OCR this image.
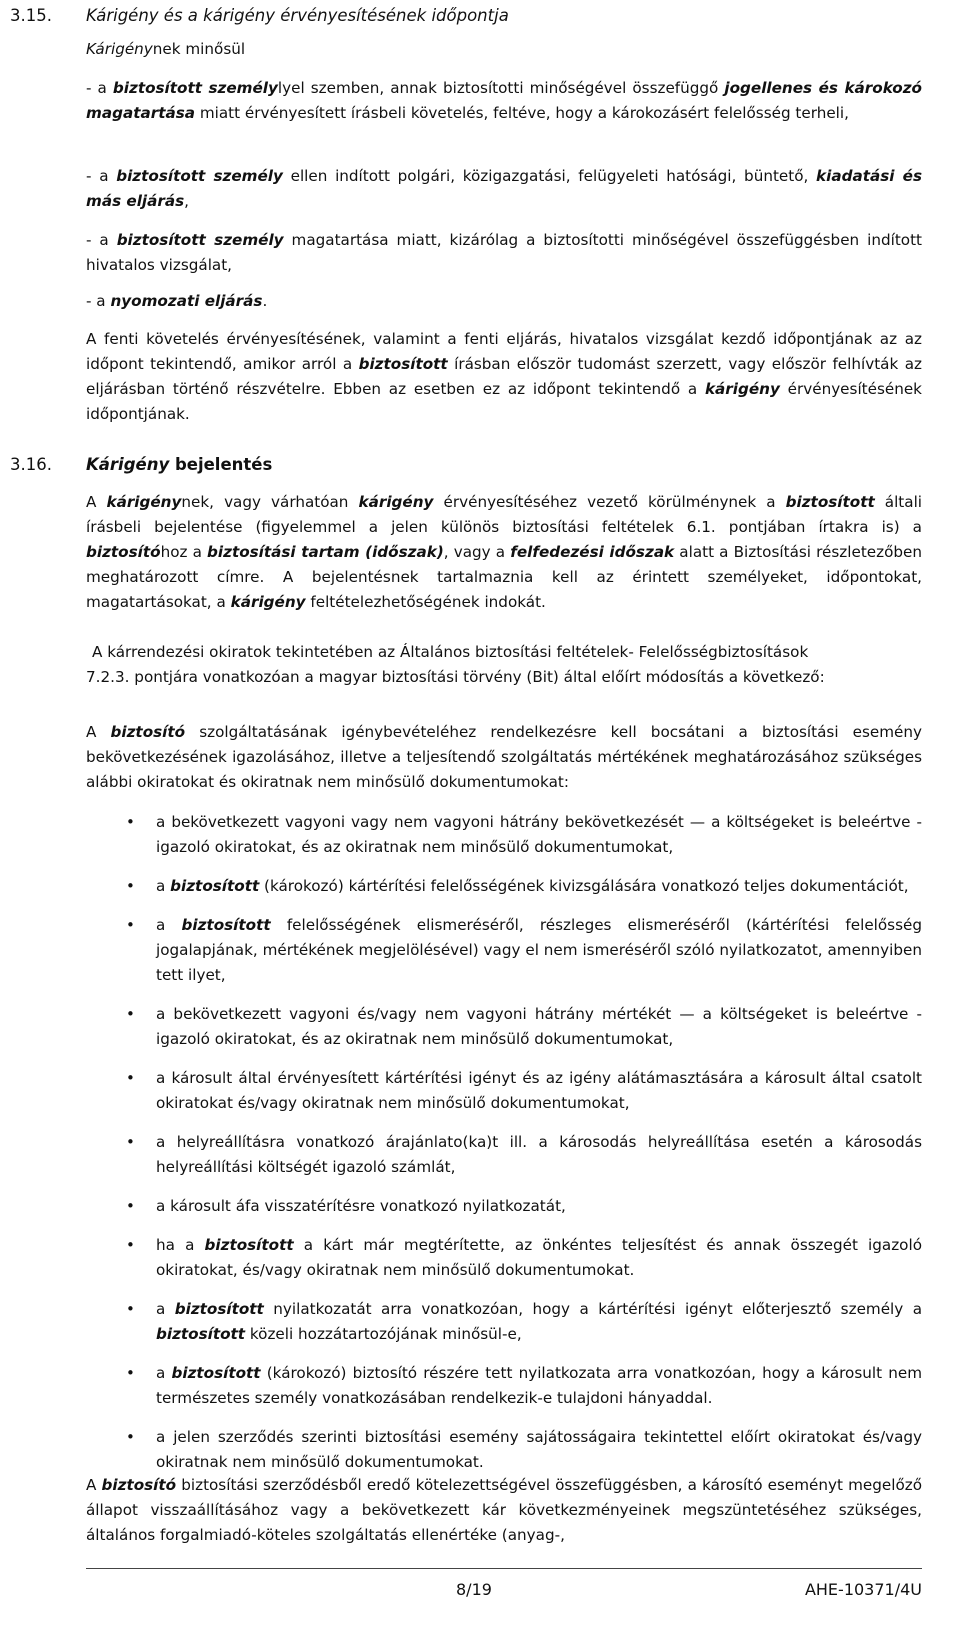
3.15. Kárigény és a kárigény érvényesítésének időpontja
Kárigénynek minősül
- a biztosított személylyel szemben, annak biztosítotti minőségével összefüggő jogellenes és károkozó magatartása miatt érvényesített írásbeli követelés, feltéve, hogy a károkozásért felelősség terheli,
- a biztosított személy ellen indított polgári, közigazgatási, felügyeleti hatósági, büntető, kiadatási és más eljárás,
- a biztosított személy magatartása miatt, kizárólag a biztosítotti minőségével összefüggésben indított hivatalos vizsgálat,
- a nyomozati eljárás.
A fenti követelés érvényesítésének, valamint a fenti eljárás, hivatalos vizsgálat kezdő időpontjának az az időpont tekintendő, amikor arról a biztosított írásban először tudomást szerzett, vagy először felhívták az eljárásban történő részvételre. Ebben az esetben ez az időpont tekintendő a kárigény érvényesítésének időpontjának.
3.16. Kárigény bejelentés
A kárigénynek, vagy várhatóan kárigény érvényesítéséhez vezető körülménynek a biztosított általi írásbeli bejelentése (figyelemmel a jelen különös biztosítási feltételek 6.1. pontjában írtakra is) a biztosítóhoz a biztosítási tartam (időszak), vagy a felfedezési időszak alatt a Biztosítási részletezőben meghatározott címre. A bejelentésnek tartalmaznia kell az érintett személyeket, időpontokat, magatartásokat, a kárigény feltételezhetőségének indokát.
A kárrendezési okiratok tekintetében az Általános biztosítási feltételek- Felelősségbiztosítások
7.2.3. pontjára vonatkozóan a magyar biztosítási törvény (Bit) által előírt módosítás a következő:
A biztosító szolgáltatásának igénybevételéhez rendelkezésre kell bocsátani a biztosítási esemény bekövetkezésének igazolásához, illetve a teljesítendő szolgáltatás mértékének meghatározásához szükséges alábbi okiratokat és okiratnak nem minősülő dokumentumokat:
• a bekövetkezett vagyoni vagy nem vagyoni hátrány bekövetkezését — a költségeket is beleértve - igazoló okiratokat, és az okiratnak nem minősülő dokumentumokat,
• a biztosított (károkozó) kártérítési felelősségének kivizsgálására vonatkozó teljes dokumentációt,
• a biztosított felelősségének elismeréséről, részleges elismeréséről (kártérítési felelősség jogalapjának, mértékének megjelölésével) vagy el nem ismeréséről szóló nyilatkozatot, amennyiben tett ilyet,
• a bekövetkezett vagyoni és/vagy nem vagyoni hátrány mértékét — a költségeket is beleértve - igazoló okiratokat, és az okiratnak nem minősülő dokumentumokat,
• a károsult által érvényesített kártérítési igényt és az igény alátámasztására a károsult által csatolt okiratokat és/vagy okiratnak nem minősülő dokumentumokat,
• a helyreállításra vonatkozó árajánlato(ka)t ill. a károsodás helyreállítása esetén a károsodás helyreállítási költségét igazoló számlát,
• a károsult áfa visszatérítésre vonatkozó nyilatkozatát,
• ha a biztosított a kárt már megtérítette, az önkéntes teljesítést és annak összegét igazoló okiratokat, és/vagy okiratnak nem minősülő dokumentumokat.
• a biztosított nyilatkozatát arra vonatkozóan, hogy a kártérítési igényt előterjesztő személy a biztosított közeli hozzátartozójának minősül-e,
• a biztosított (károkozó) biztosító részére tett nyilatkozata arra vonatkozóan, hogy a károsult nem természetes személy vonatkozásában rendelkezik-e tulajdoni hányaddal.
• a jelen szerződés szerinti biztosítási esemény sajátosságaira tekintettel előírt okiratokat és/vagy okiratnak nem minősülő dokumentumokat.
A biztosító biztosítási szerződésből eredő kötelezettségével összefüggésben, a károsító eseményt megelőző állapot visszaállításához vagy a bekövetkezett kár következményeinek megszüntetéséhez szükséges, általános forgalmiadó-köteles szolgáltatás ellenértéke (anyag-,
8/19	AHE-10371/4U
